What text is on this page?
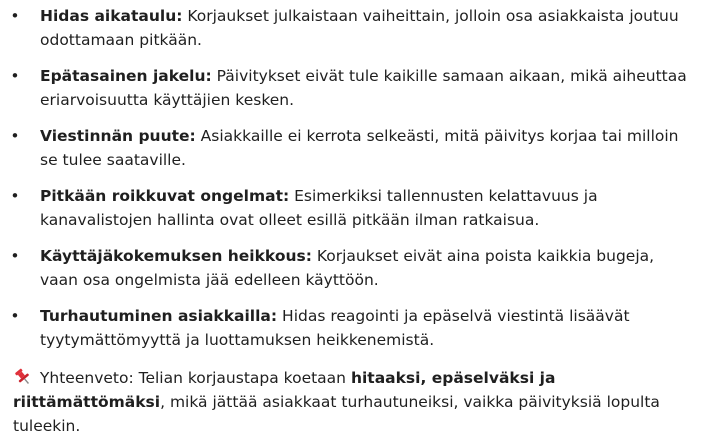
• Hidas aikataulu: Korjaukset julkaistaan vaiheittain, jolloin osa asiakkaista joutuu odottamaan pitkään.
• Epätasainen jakelu: Päivitykset eivät tule kaikille samaan aikaan, mikä aiheuttaa eriarvoisuutta käyttäjien kesken.
• Viestinnän puute: Asiakkaille ei kerrota selkeästi, mitä päivitys korjaa tai milloin se tulee saataville.
• Pitkään roikkuvat ongelmat: Esimerkiksi tallennusten kelattavuus ja kanavalistojen hallinta ovat olleet esillä pitkään ilman ratkaisua.
• Käyttäjäkokemuksen heikkous: Korjaukset eivät aina poista kaikkia bugeja, vaan osa ongelmista jää edelleen käyttöön.
• Turhautuminen asiakkailla: Hidas reagointi ja epäselvä viestintä lisäävät tyytymättömyyttä ja luottamuksen heikkenemistä.
Yhteenveto: Telian korjaustapa koetaan hitaaksi, epäselväksi ja riittämättömäksi, mikä jättää asiakkaat turhautuneiksi, vaikka päivityksiä lopulta tuleekin.
